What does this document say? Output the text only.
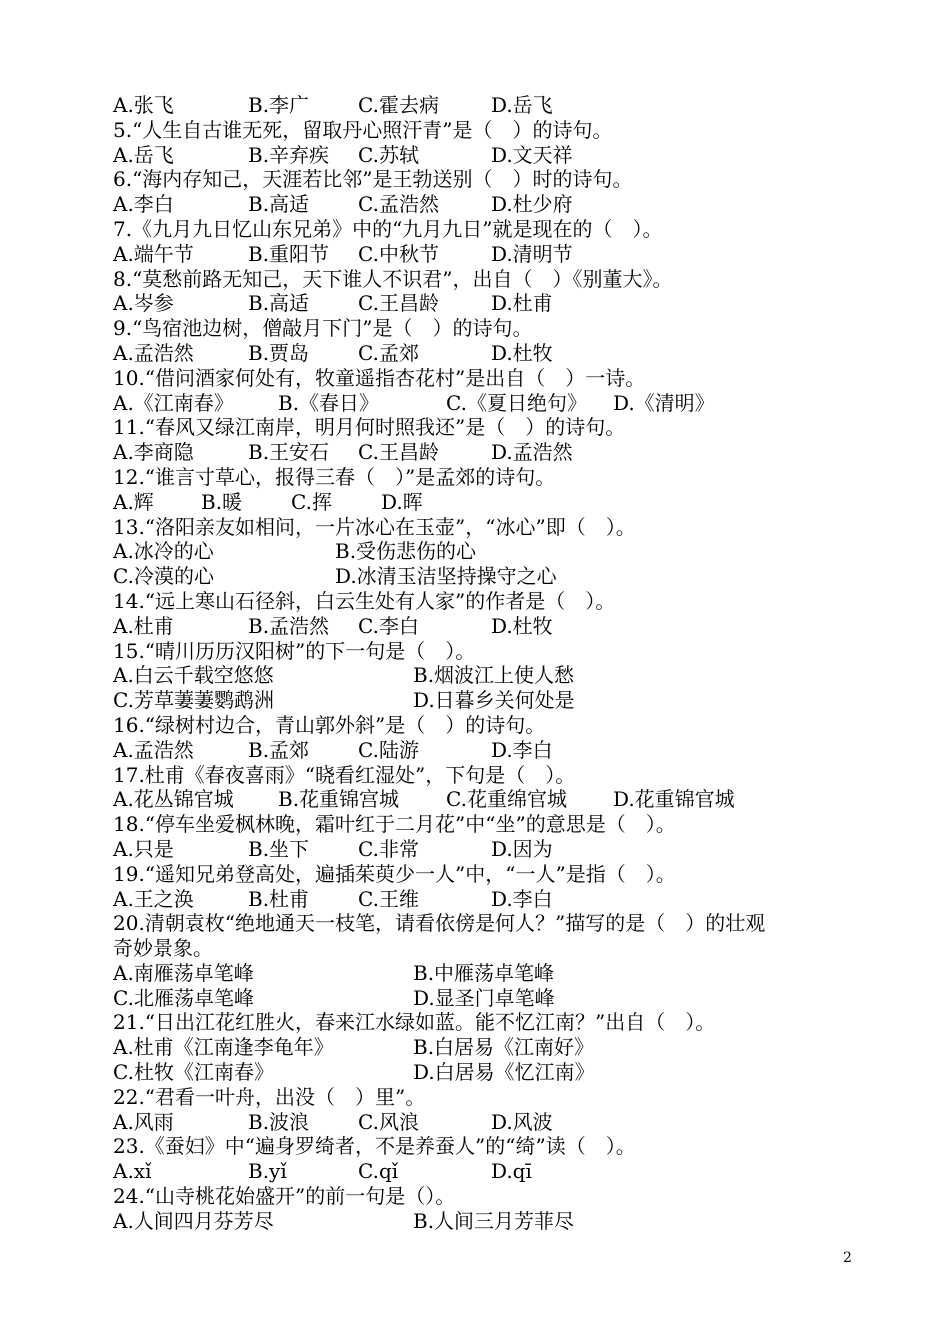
A.张飞	B.李广 C.霍去病	D.岳飞
5.“人生自古谁无死，留取丹心照汗青”是（　）的诗句。
A.岳飞	B.辛弃疾 C.苏轼	D.文天祥
6.“海内存知己，天涯若比邻”是王勃送别（　）时的诗句。
A.李白	B.高适 C.孟浩然	D.杜少府
7.《九月九日忆山东兄弟》中的“九月九日”就是现在的（　）。
A.端午节	B.重阳节 C.中秋节	D.清明节
8.“莫愁前路无知己，天下谁人不识君”，出自（　）《别董大》。
A.岑参	B.高适 C.王昌龄	D.杜甫
9.“鸟宿池边树，僧敲月下门”是（　）的诗句。
A.孟浩然	B.贾岛 C.孟郊	D.杜牧
10.“借问酒家何处有，牧童遥指杏花村”是出自（　）一诗。
A.《江南春》 B.《春日》	C.《夏日绝句》 D.《清明》
11.“春风又绿江南岸，明月何时照我还”是（　）的诗句。
A.李商隐	B.王安石 C.王昌龄	D.孟浩然
12.“谁言寸草心，报得三春（　）”是孟郊的诗句。
A.辉 B.暖 C.挥 D.晖
13.“洛阳亲友如相问，一片冰心在玉壶”，“冰心”即（　）。
A.冰冷的心	B.受伤悲伤的心
C.冷漠的心	D.冰清玉洁坚持操守之心
14.“远上寒山石径斜，白云生处有人家”的作者是（　）。
A.杜甫	B.孟浩然 C.李白	D.杜牧
15.“晴川历历汉阳树”的下一句是（　）。
A.白云千载空悠悠	B.烟波江上使人愁
C.芳草萋萋鹦鹉洲	D.日暮乡关何处是
16.“绿树村边合，青山郭外斜”是（　）的诗句。
A.孟浩然	B.孟郊 C.陆游	D.李白
17.杜甫《春夜喜雨》“晓看红湿处”，下句是（　）。
A.花丛锦官城 B.花重锦宫城 C.花重绵官城 D.花重锦官城
18.“停车坐爱枫林晚，霜叶红于二月花”中“坐”的意思是（　）。
A.只是	B.坐下 C.非常	D.因为
19.“遥知兄弟登高处，遍插茱萸少一人”中，“一人”是指（　）。
A.王之涣	B.杜甫 C.王维	D.李白
20.清朝袁枚“绝地通天一枝笔，请看依傍是何人？”描写的是（　）的壮观
奇妙景象。
A.南雁荡卓笔峰	B.中雁荡卓笔峰
C.北雁荡卓笔峰	D.显圣门卓笔峰
21.“日出江花红胜火，春来江水绿如蓝。能不忆江南？”出自（　）。
A.杜甫《江南逢李龟年》	B.白居易《江南好》
C.杜牧《江南春》	D.白居易《忆江南》
22.“君看一叶舟，出没（　）里”。
A.风雨	B.波浪 C.风浪	D.风波
23.《蚕妇》中“遍身罗绮者，不是养蚕人”的“绮”读（　）。
A.xǐ	B.yǐ	C.qǐ	D.qī
24.“山寺桃花始盛开”的前一句是（）。
A.人间四月芬芳尽	B.人间三月芳菲尽
2
